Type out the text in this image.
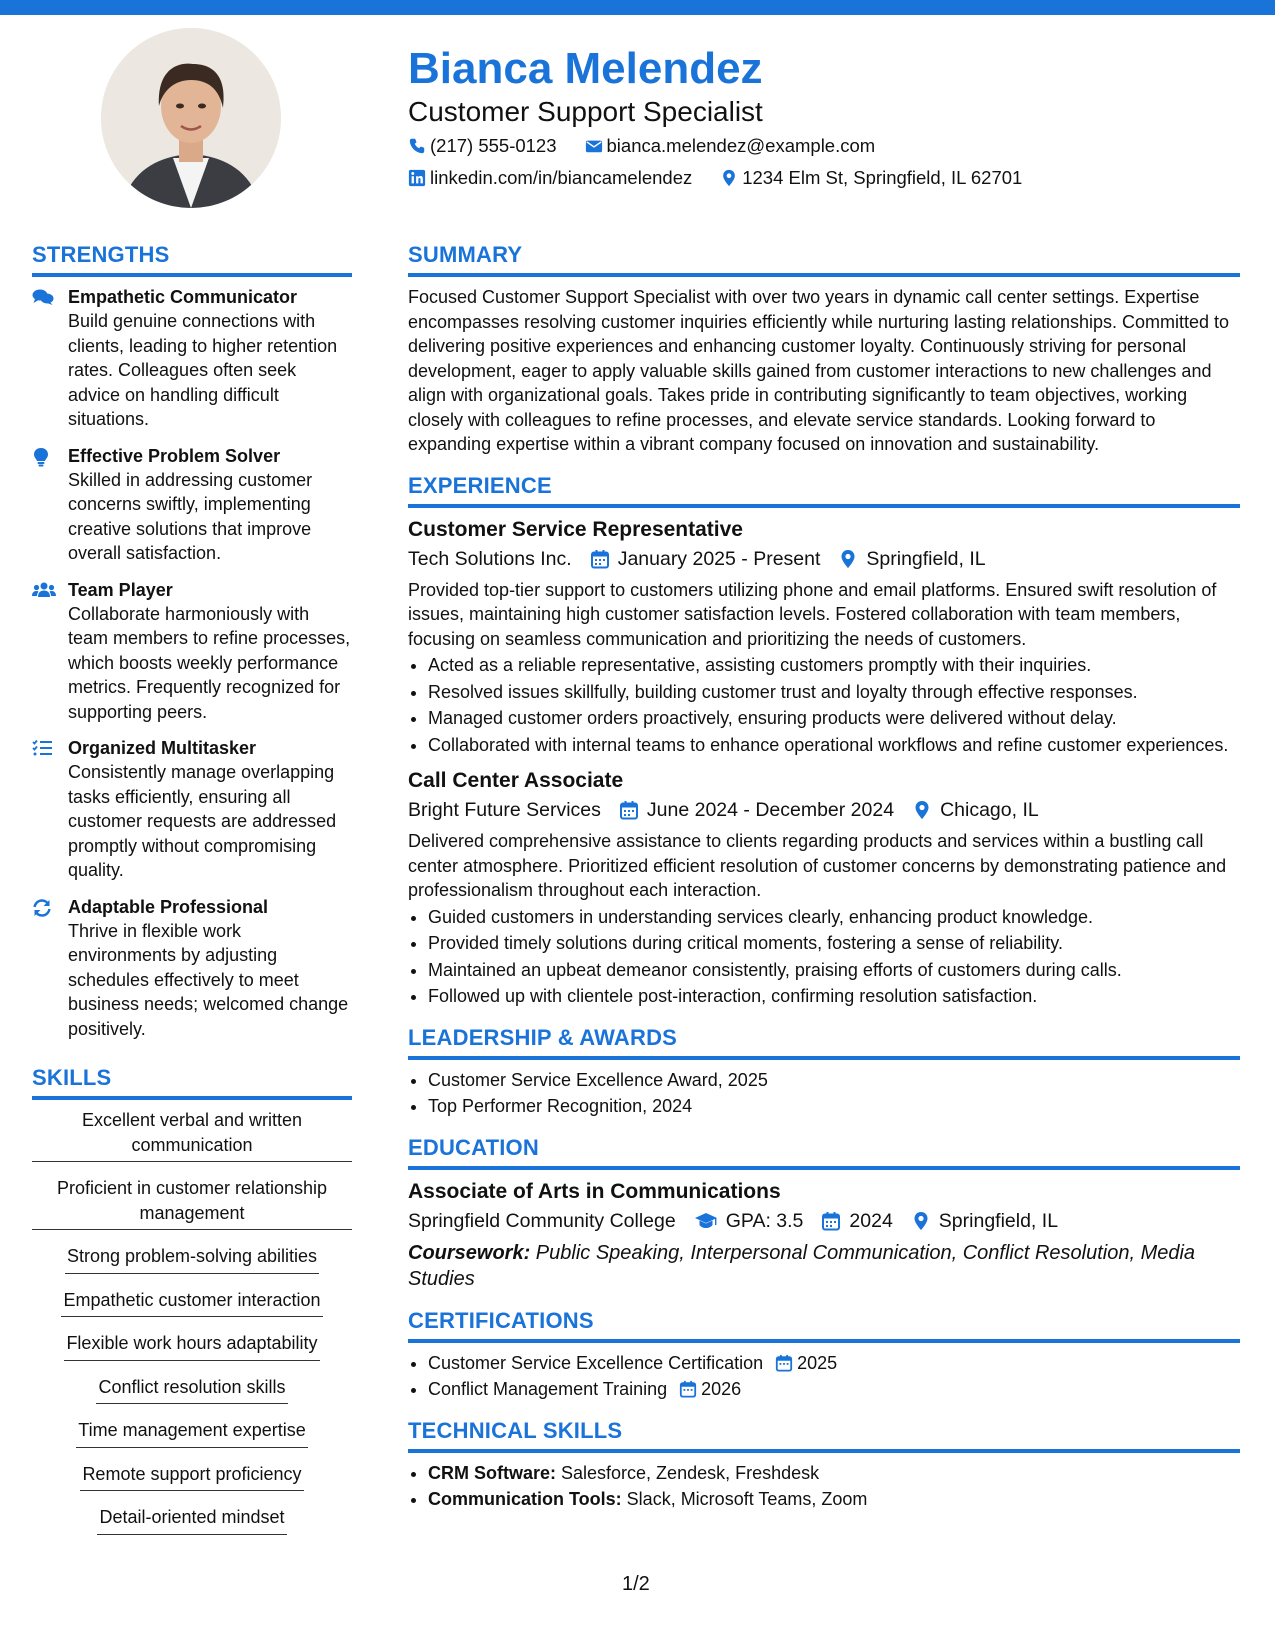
Bianca Melendez
Customer Support Specialist
(217) 555-0123	bianca.melendez@example.com
linkedin.com/in/biancamelendez	1234 Elm St, Springfield, IL 62701
STRENGTHS
Empathetic Communicator
Build genuine connections with clients, leading to higher retention rates. Colleagues often seek advice on handling difficult situations.
Effective Problem Solver
Skilled in addressing customer concerns swiftly, implementing creative solutions that improve overall satisfaction.
Team Player
Collaborate harmoniously with team members to refine processes, which boosts weekly performance metrics. Frequently recognized for supporting peers.
Organized Multitasker
Consistently manage overlapping tasks efficiently, ensuring all customer requests are addressed promptly without compromising quality.
Adaptable Professional
Thrive in flexible work environments by adjusting schedules effectively to meet business needs; welcomed change positively.
SKILLS
Excellent verbal and written communication
Proficient in customer relationship management
Strong problem-solving abilities
Empathetic customer interaction
Flexible work hours adaptability
Conflict resolution skills
Time management expertise
Remote support proficiency
Detail-oriented mindset
SUMMARY

Focused Customer Support Specialist with over two years in dynamic call center settings. Expertise encompasses resolving customer inquiries efficiently while nurturing lasting relationships. Committed to delivering positive experiences and enhancing customer loyalty. Continuously striving for personal development, eager to apply valuable skills gained from customer interactions to new challenges and align with organizational goals. Takes pride in contributing significantly to team objectives, working closely with colleagues to refine processes, and elevate service standards. Looking forward to expanding expertise within a vibrant company focused on innovation and sustainability.

EXPERIENCE
Customer Service Representative
Tech Solutions Inc. January 2025 - Present Springfield, IL

Provided top-tier support to customers utilizing phone and email platforms. Ensured swift resolution of issues, maintaining high customer satisfaction levels. Fostered collaboration with team members, focusing on seamless communication and prioritizing the needs of customers.

• Acted as a reliable representative, assisting customers promptly with their inquiries.
• Resolved issues skillfully, building customer trust and loyalty through effective responses.
• Managed customer orders proactively, ensuring products were delivered without delay.
• Collaborated with internal teams to enhance operational workflows and refine customer experiences.
Call Center Associate
Bright Future Services June 2024 - December 2024 Chicago, IL

Delivered comprehensive assistance to clients regarding products and services within a bustling call center atmosphere. Prioritized efficient resolution of customer concerns by demonstrating patience and professionalism throughout each interaction.

• Guided customers in understanding services clearly, enhancing product knowledge.
• Provided timely solutions during critical moments, fostering a sense of reliability.
• Maintained an upbeat demeanor consistently, praising efforts of customers during calls.
• Followed up with clientele post-interaction, confirming resolution satisfaction.
LEADERSHIP & AWARDS
• Customer Service Excellence Award, 2025
• Top Performer Recognition, 2024
EDUCATION
Associate of Arts in Communications
Springfield Community College	GPA: 3.5 2024 Springfield, IL

Coursework: Public Speaking, Interpersonal Communication, Conflict Resolution, Media Studies

CERTIFICATIONS
• Customer Service Excellence Certification 2025
• Conflict Management Training 2026
TECHNICAL SKILLS
• CRM Software: Salesforce, Zendesk, Freshdesk
• Communication Tools: Slack, Microsoft Teams, Zoom
1/2
